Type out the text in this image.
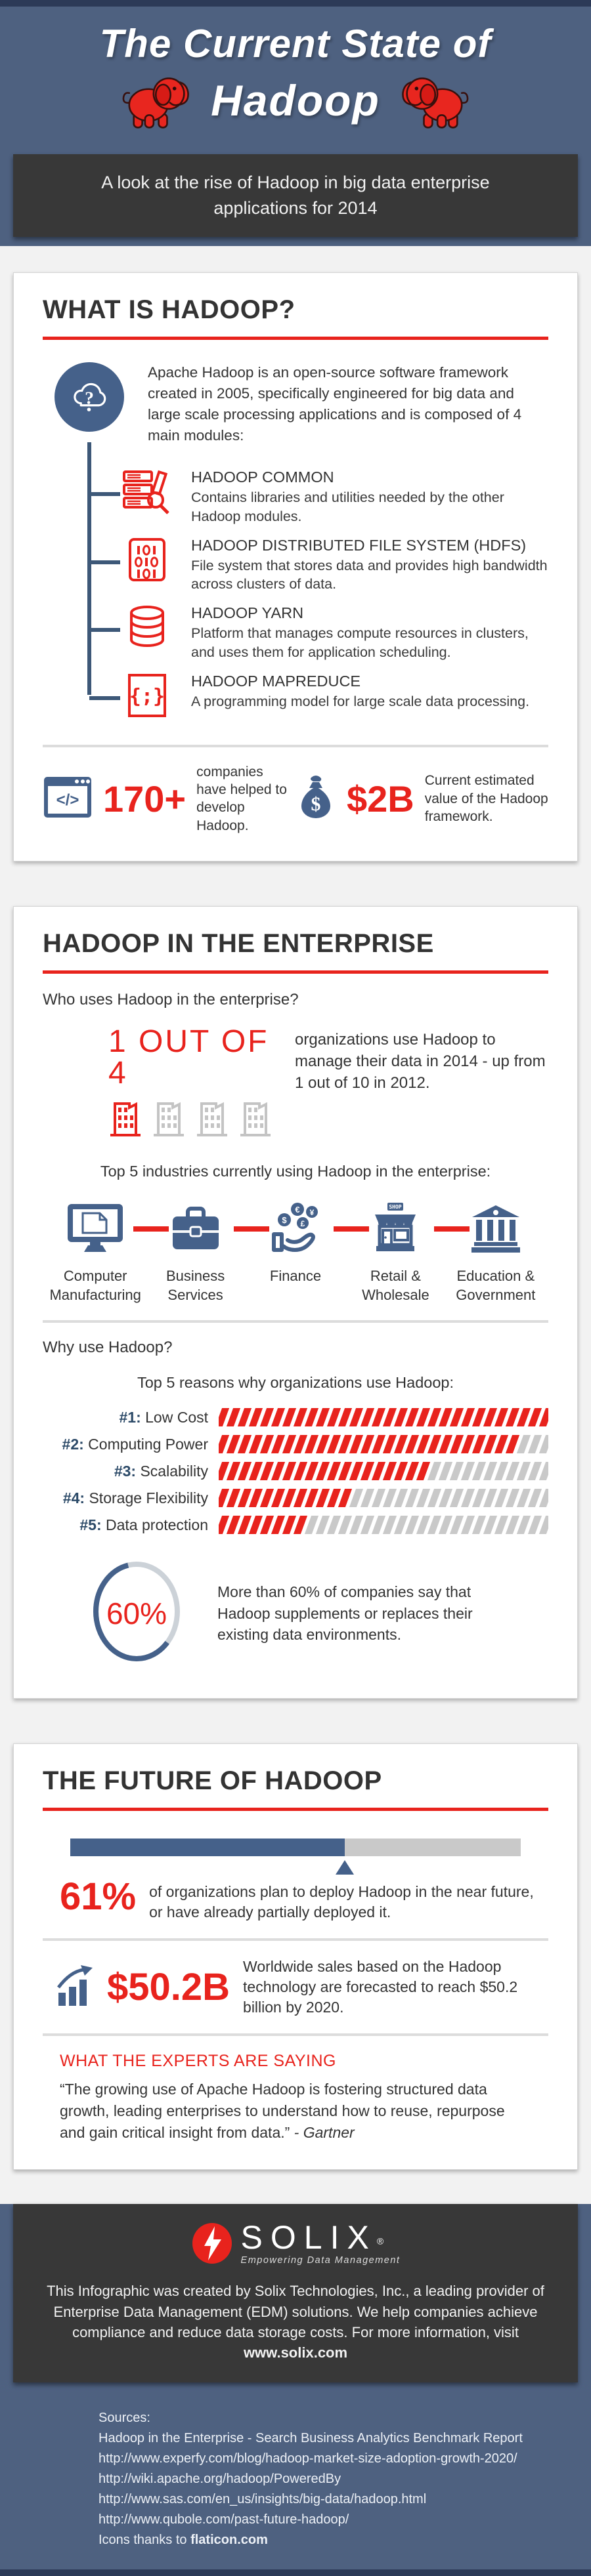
The Current State of
Hadoop

A look at the rise of Hadoop in big data enterprise applications for 2014

WHAT IS HADOOP?
?

Apache Hadoop is an open-source software framework created in 2005, specifically engineered for big data and large scale processing applications and is composed of 4 main modules:

HADOOP COMMON

Contains libraries and utilities needed by the other Hadoop modules.

HADOOP DISTRIBUTED FILE SYSTEM (HDFS)

File system that stores data and provides high bandwidth across clusters of data.

HADOOP YARN

Platform that manages compute resources in clusters, and uses them for application scheduling.

{;}
HADOOP MAPREDUCE

A programming model for large scale data processing.

</> 170+

companies have helped to develop Hadoop.

$ $2B Current estimated value of the Hadoop framework.

HADOOP IN THE ENTERPRISE

Who uses Hadoop in the enterprise?

1 OUT OF 4

organizations use Hadoop to manage their data in 2014 - up from 1 out of 10 in 2012.

Top 5 industries currently using Hadoop in the enterprise:

Computer Manufacturing
Business Services
$
€ ¥
£
Finance
SHOP
Retail & Wholesale
Education & Government

Why use Hadoop?

Top 5 reasons why organizations use Hadoop:

#1: Low Cost
#2: Computing Power
#3: Scalability
#4: Storage Flexibility
#5: Data protection
60%

More than 60% of companies say that Hadoop supplements or replaces their existing data environments.

THE FUTURE OF HADOOP
61% of organizations plan to deploy Hadoop in the near future, or have already partially deployed it.

$50.2B Worldwide sales based on the Hadoop technology are forecasted to reach $50.2 billion by 2020.

WHAT THE EXPERTS ARE SAYING

“The growing use of Apache Hadoop is fostering structured data growth, leading enterprises to understand how to reuse, repurpose and gain critical insight from data.” - Gartner

SOLIX®
Empowering Data Management

This Infographic was created by Solix Technologies, Inc., a leading provider of Enterprise Data Management (EDM) solutions. We help companies achieve compliance and reduce data storage costs. For more information, visit www.solix.com

Sources:

Hadoop in the Enterprise - Search Business Analytics Benchmark Report

http://www.experfy.com/blog/hadoop-market-size-adoption-growth-2020/

http://wiki.apache.org/hadoop/PoweredBy

http://www.sas.com/en_us/insights/big-data/hadoop.html

http://www.qubole.com/past-future-hadoop/

Icons thanks to flaticon.com
